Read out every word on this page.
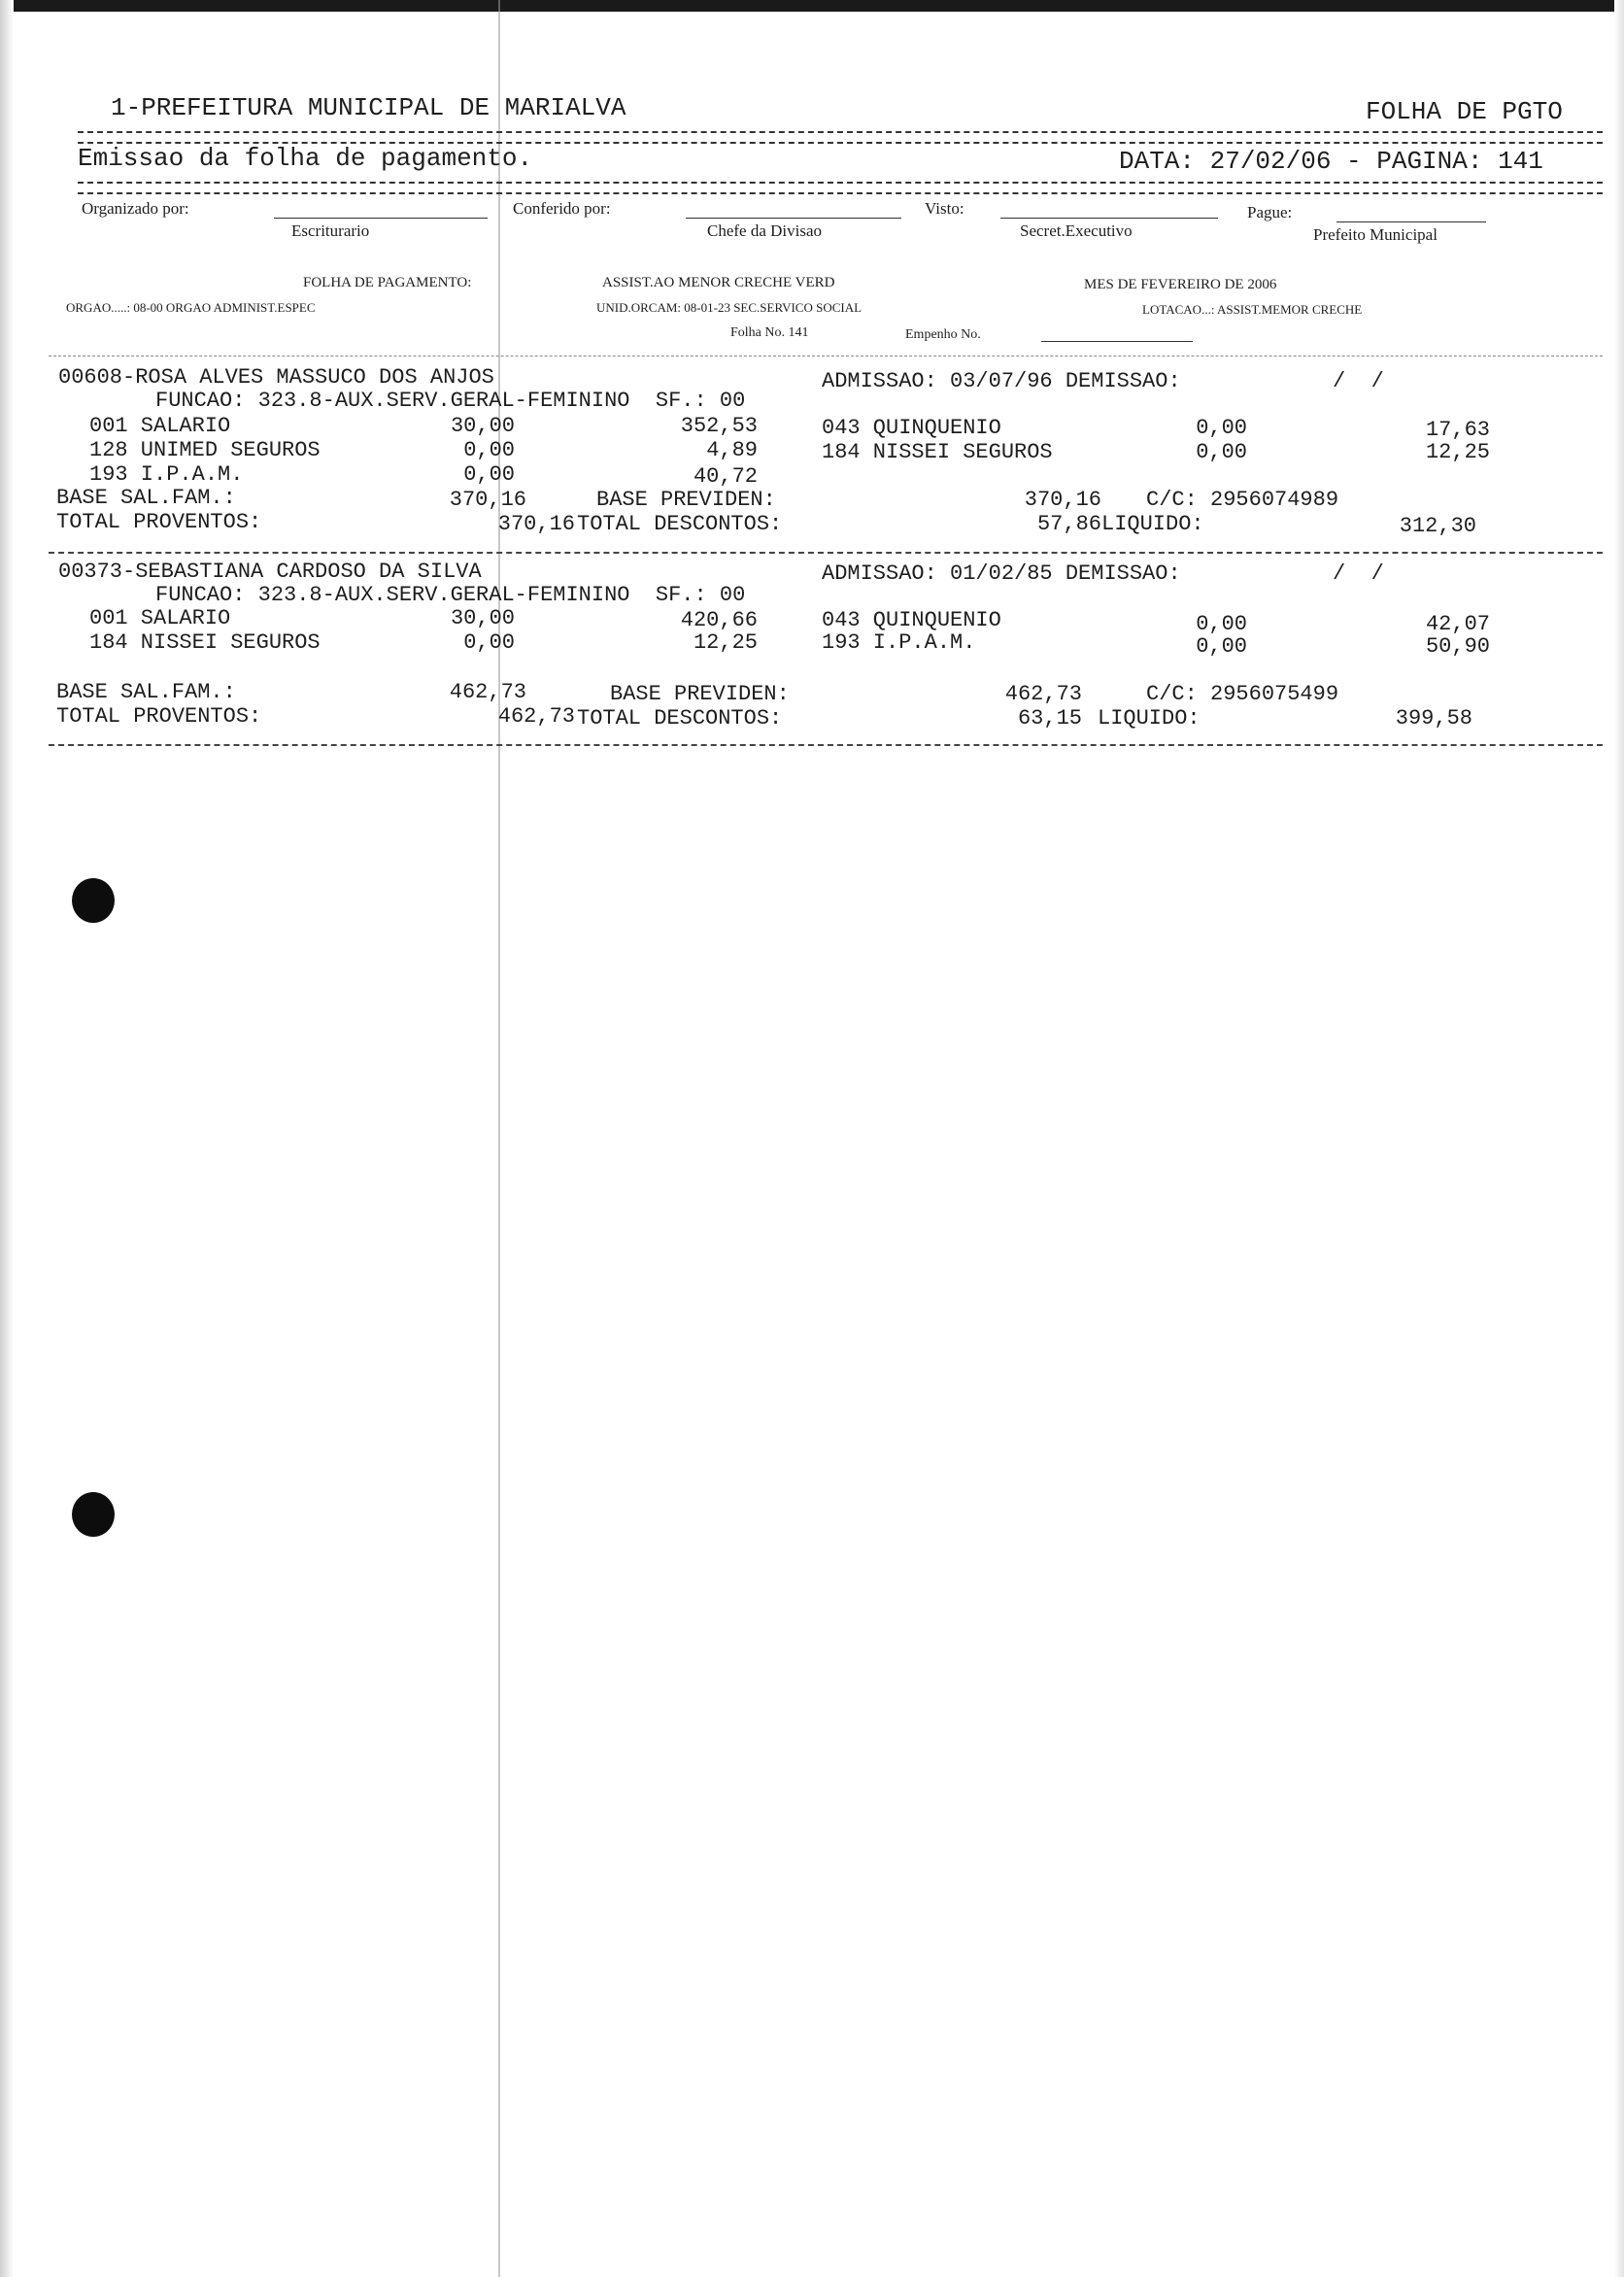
1-PREFEITURA MUNICIPAL DE MARIALVA	FOLHA DE PGTO
Emissao da folha de pagamento.	DATA: 27/02/06 - PAGINA: 141
Organizado por:
Escriturario
Conferido por:
Chefe da Divisao
Visto:
Secret.Executivo
Pague:
Prefeito Municipal
FOLHA DE PAGAMENTO:	ASSIST.AO MENOR CRECHE VERD	MES DE FEVEREIRO DE 2006
ORGAO.....: 08-00 ORGAO ADMINIST.ESPEC	UNID.ORCAM: 08-01-23 SEC.SERVICO SOCIAL	LOTACAO...: ASSIST.MEMOR CRECHE
Folha No. 141	Empenho No.
00608-ROSA ALVES MASSUCO DOS ANJOS	ADMISSAO: 03/07/96 DEMISSAO:	/  /
FUNCAO: 323.8-AUX.SERV.GERAL-FEMININO  SF.: 00
001 SALARIO	30,00	352,53	043 QUINQUENIO	0,00	17,63
128 UNIMED SEGUROS	0,00	4,89	184 NISSEI SEGUROS	0,00	12,25
193 I.P.A.M.	0,00	40,72
BASE SAL.FAM.:	370,16	BASE PREVIDEN:	370,16 C/C: 2956074989
TOTAL PROVENTOS:	370,16 TOTAL DESCONTOS:	57,86 LIQUIDO:	312,30
00373-SEBASTIANA CARDOSO DA SILVA	ADMISSAO: 01/02/85 DEMISSAO:	/  /
FUNCAO: 323.8-AUX.SERV.GERAL-FEMININO  SF.: 00
001 SALARIO	30,00	420,66	043 QUINQUENIO	0,00	42,07
184 NISSEI SEGUROS	0,00	12,25	193 I.P.A.M.	0,00	50,90
BASE SAL.FAM.:	462,73	BASE PREVIDEN:	462,73	C/C: 2956075499
TOTAL PROVENTOS:	462,73 TOTAL DESCONTOS:	63,15 LIQUIDO:	399,58
